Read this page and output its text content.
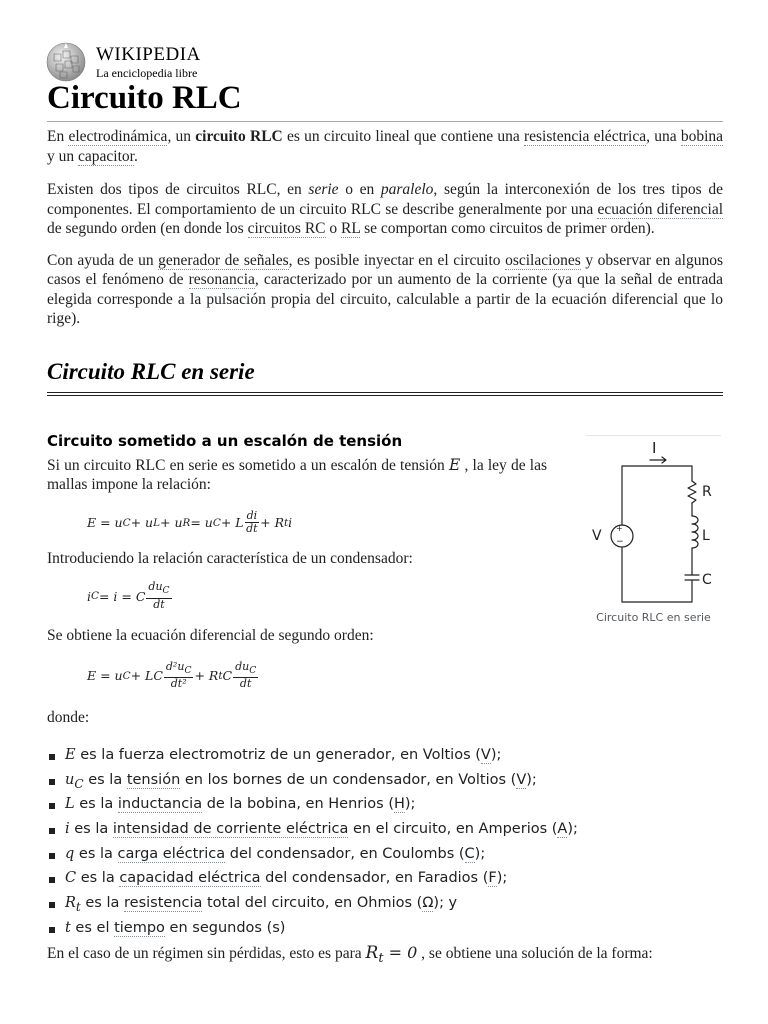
WIKIPEDIA
La enciclopedia libre
Circuito RLC

En electrodinámica, un circuito RLC es un circuito lineal que contiene una resistencia eléctrica, una bobina y un capacitor.

Existen dos tipos de circuitos RLC, en serie o en paralelo, según la interconexión de los tres tipos de componentes. El comportamiento de un circuito RLC se describe generalmente por una ecuación diferencial de segundo orden (en donde los circuitos RC o RL se comportan como circuitos de primer orden).

Con ayuda de un generador de señales, es posible inyectar en el circuito oscilaciones y observar en algunos casos el fenómeno de resonancia, caracterizado por un aumento de la corriente (ya que la señal de entrada elegida corresponde a la pulsación propia del circuito, calculable a partir de la ecuación diferencial que lo rige).

Circuito RLC en serie
Circuito sometido a un escalón de tensión

Si un circuito RLC en serie es sometido a un escalón de tensión E , la ley de las mallas impone la relación:

E = u C + u L + u R = u C + L $\frac{di}{dt} + R$ t i

Introduciendo la relación característica de un condensador:

i C = i = C $\frac{du_C}{dt}$

Se obtiene la ecuación diferencial de segundo orden:

E = u C + LC $\frac{d^2u_C}{\text{dt²}} + R$ t C $\frac{du_C}{dt}$

donde:

E es la fuerza electromotriz de un generador, en Voltios (V);
$u_C$ es la tensión en los bornes de un condensador, en Voltios (V);
L es la inductancia de la bobina, en Henrios (H);
i es la intensidad de corriente eléctrica en el circuito, en Amperios (A);
q es la carga eléctrica del condensador, en Coulombs (C);
C es la capacidad eléctrica del condensador, en Faradios (F);
$R_t$ es la resistencia total del circuito, en Ohmios (Ω); y
t es el tiempo en segundos (s)

En el caso de un régimen sin pérdidas, esto es para $R_t = 0$ , se obtiene una solución de la forma:

I
R
L
C
V +
−
Circuito RLC en serie
